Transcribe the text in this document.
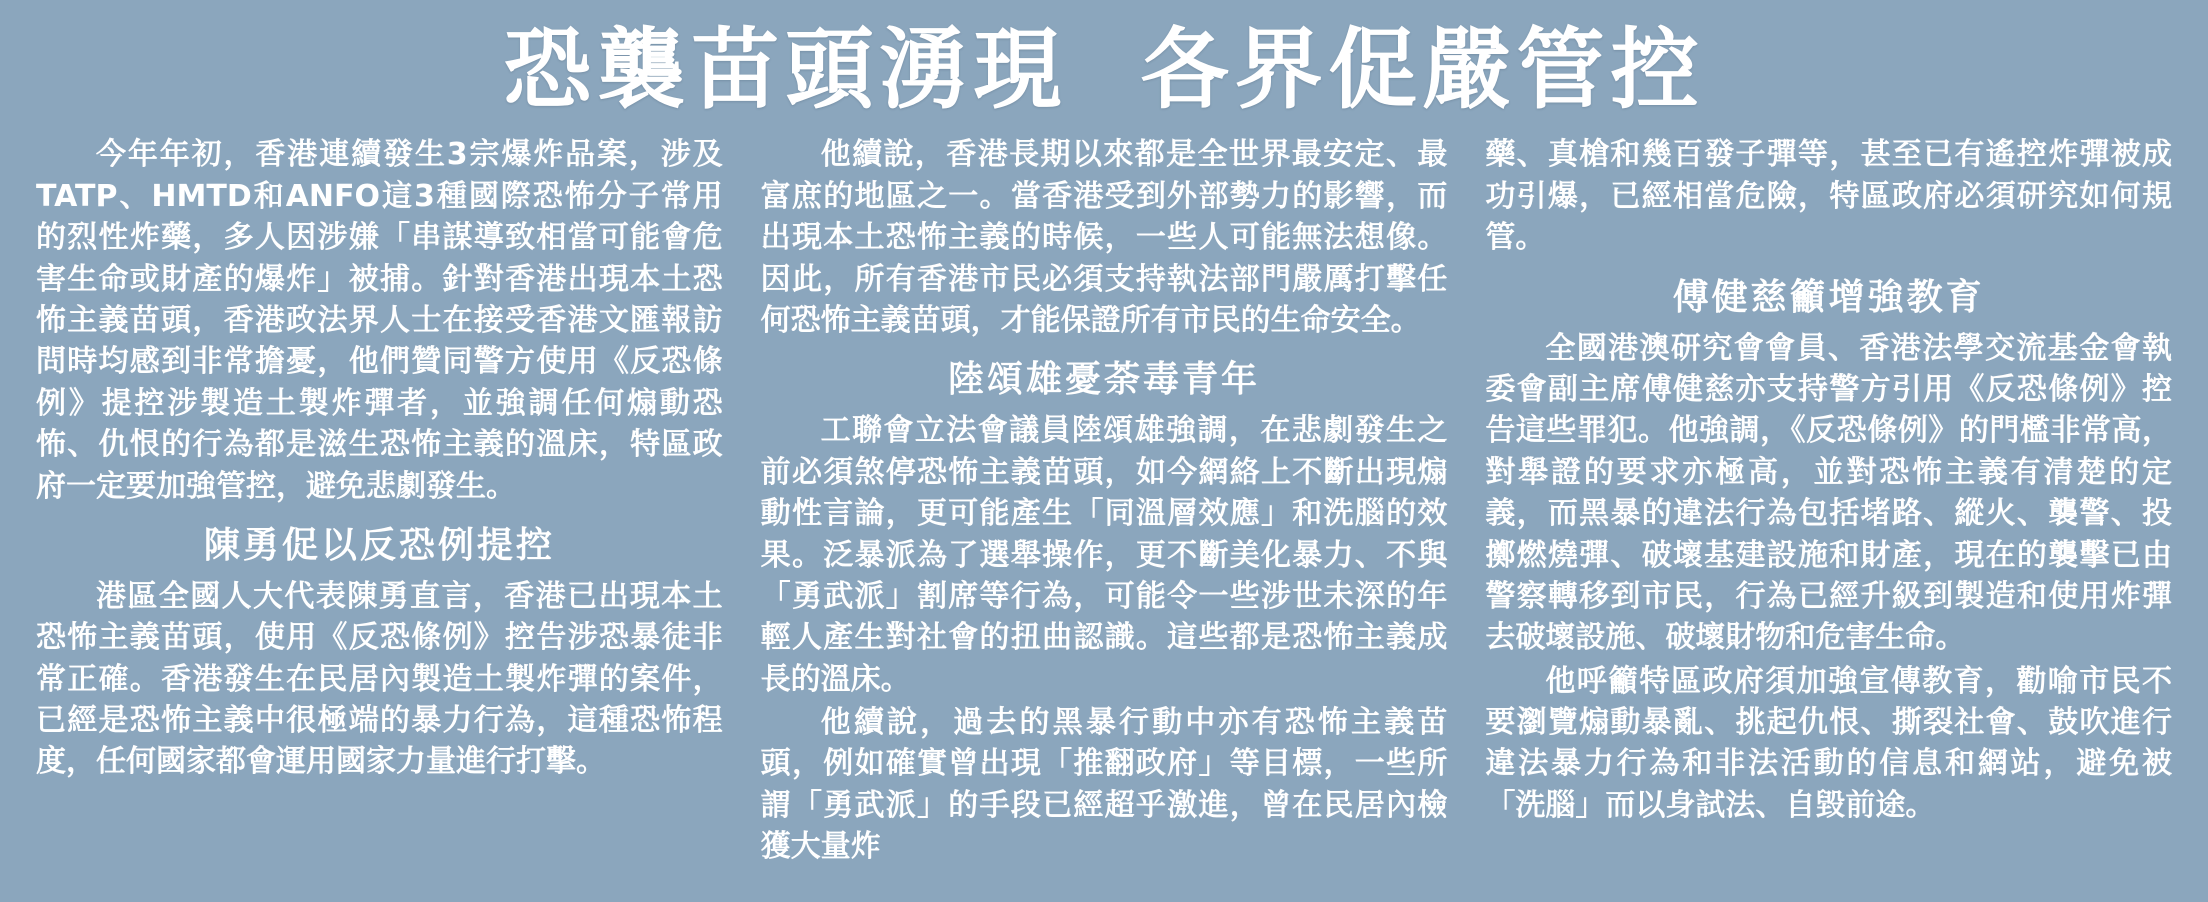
恐襲苗頭湧現  各界促嚴管控

今年年初，香港連續發生3宗爆炸品案，涉及TATP、HMTD和ANFO這3種國際恐怖分子常用的烈性炸藥，多人因涉嫌「串謀導致相當可能會危害生命或財產的爆炸」被捕。針對香港出現本土恐怖主義苗頭，香港政法界人士在接受香港文匯報訪問時均感到非常擔憂，他們贊同警方使用《反恐條例》提控涉製造土製炸彈者，並強調任何煽動恐怖、仇恨的行為都是滋生恐怖主義的溫床，特區政府一定要加強管控，避免悲劇發生。

陳勇促以反恐例提控

港區全國人大代表陳勇直言，香港已出現本土恐怖主義苗頭，使用《反恐條例》控告涉恐暴徒非常正確。香港發生在民居內製造土製炸彈的案件，已經是恐怖主義中很極端的暴力行為，這種恐怖程度，任何國家都會運用國家力量進行打擊。

他續說，香港長期以來都是全世界最安定、最富庶的地區之一。當香港受到外部勢力的影響，而出現本土恐怖主義的時候，一些人可能無法想像。因此，所有香港市民必須支持執法部門嚴厲打擊任何恐怖主義苗頭，才能保證所有市民的生命安全。

陸頌雄憂荼毒青年

工聯會立法會議員陸頌雄強調，在悲劇發生之前必須煞停恐怖主義苗頭，如今網絡上不斷出現煽動性言論，更可能產生「同溫層效應」和洗腦的效果。泛暴派為了選舉操作，更不斷美化暴力、不與「勇武派」割席等行為，可能令一些涉世未深的年輕人產生對社會的扭曲認識。這些都是恐怖主義成長的溫床。

他續說，過去的黑暴行動中亦有恐怖主義苗頭，例如確實曾出現「推翻政府」等目標，一些所謂「勇武派」的手段已經超乎激進，曾在民居內檢獲大量炸

藥、真槍和幾百發子彈等，甚至已有遙控炸彈被成功引爆，已經相當危險，特區政府必須研究如何規管。

傅健慈籲增強教育

全國港澳研究會會員、香港法學交流基金會執委會副主席傅健慈亦支持警方引用《反恐條例》控告這些罪犯。他強調，《反恐條例》的門檻非常高，對舉證的要求亦極高，並對恐怖主義有清楚的定義，而黑暴的違法行為包括堵路、縱火、襲警、投擲燃燒彈、破壞基建設施和財產，現在的襲擊已由警察轉移到市民，行為已經升級到製造和使用炸彈去破壞設施、破壞財物和危害生命。

他呼籲特區政府須加強宣傳教育，勸喻市民不要瀏覽煽動暴亂、挑起仇恨、撕裂社會、鼓吹進行違法暴力行為和非法活動的信息和網站，避免被「洗腦」而以身試法、自毀前途。
